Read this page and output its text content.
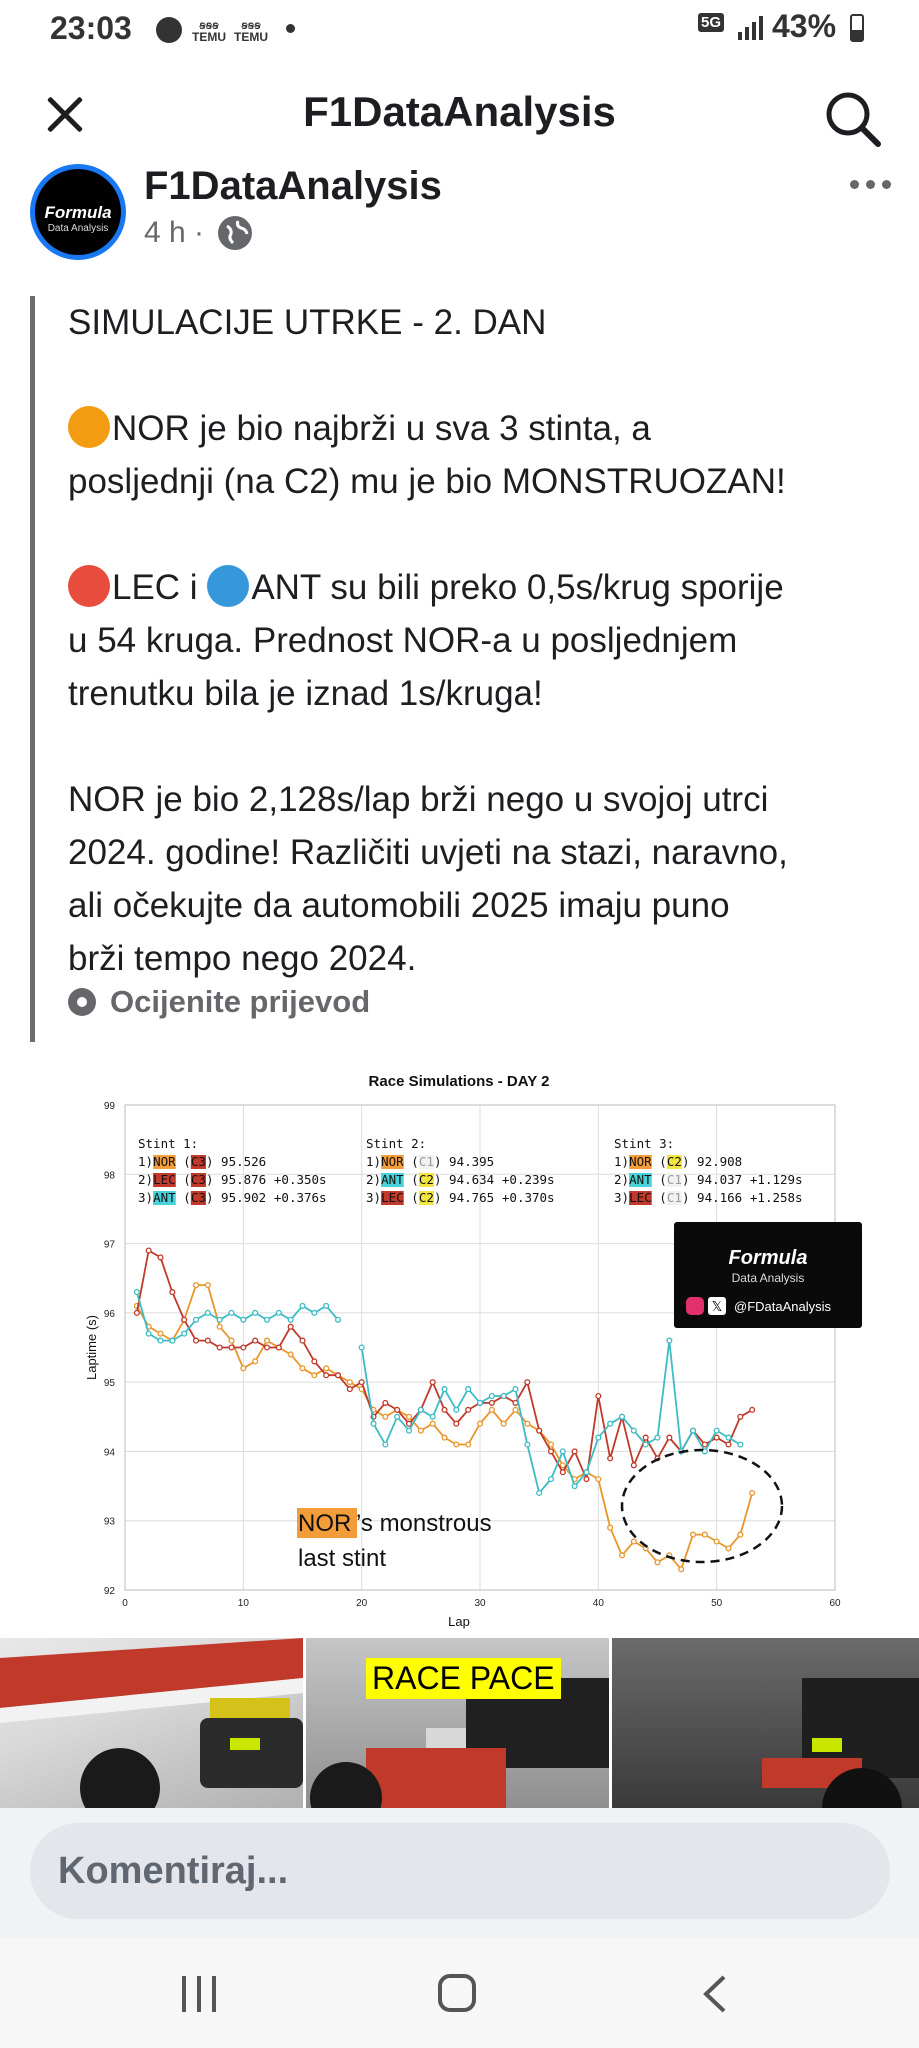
23:03	ꞨꞨꞨ
TEMU
ꞨꞨꞨ
TEMU
5G 43%
F1DataAnalysis
Formula
Data Analysis
F1DataAnalysis
4 h ·
SIMULACIJE UTRKE - 2. DAN
NOR je bio najbrži u sva 3 stinta, a
posljednji (na C2) mu je bio MONSTRUOZAN!
LEC i ANT su bili preko 0,5s/krug sporije
u 54 kruga. Prednost NOR-a u posljednjem
trenutku bila je iznad 1s/kruga!
NOR je bio 2,128s/lap brži nego u svojoj utrci
2024. godine! Različiti uvjeti na stazi, naravno,
ali očekujte da automobili 2025 imaju puno
brži tempo nego 2024.
Ocijenite prijevod
Race Simulations - DAY 2
92
93
94
95
96
97
98
99
0	10	20	30	40	50	60
Lap
Laptime (s)
Stint 1:
1) NOR ( C3 ) 95.526
2) LEC ( C3 ) 95.876 +0.350s
3) ANT ( C3 ) 95.902 +0.376s
Stint 2:
1) NOR ( C1 ) 94.395
2) ANT ( C2 ) 94.634 +0.239s
3) LEC ( C2 ) 94.765 +0.370s
Stint 3:
1) NOR ( C2 ) 92.908
2) ANT ( C1 ) 94.037 +1.129s
3) LEC ( C1 ) 94.166 +1.258s
Formula
Data Analysis
𝕏 @FDataAnalysis
NOR ’s monstrous
last stint
RACE PACE
Komentiraj...
